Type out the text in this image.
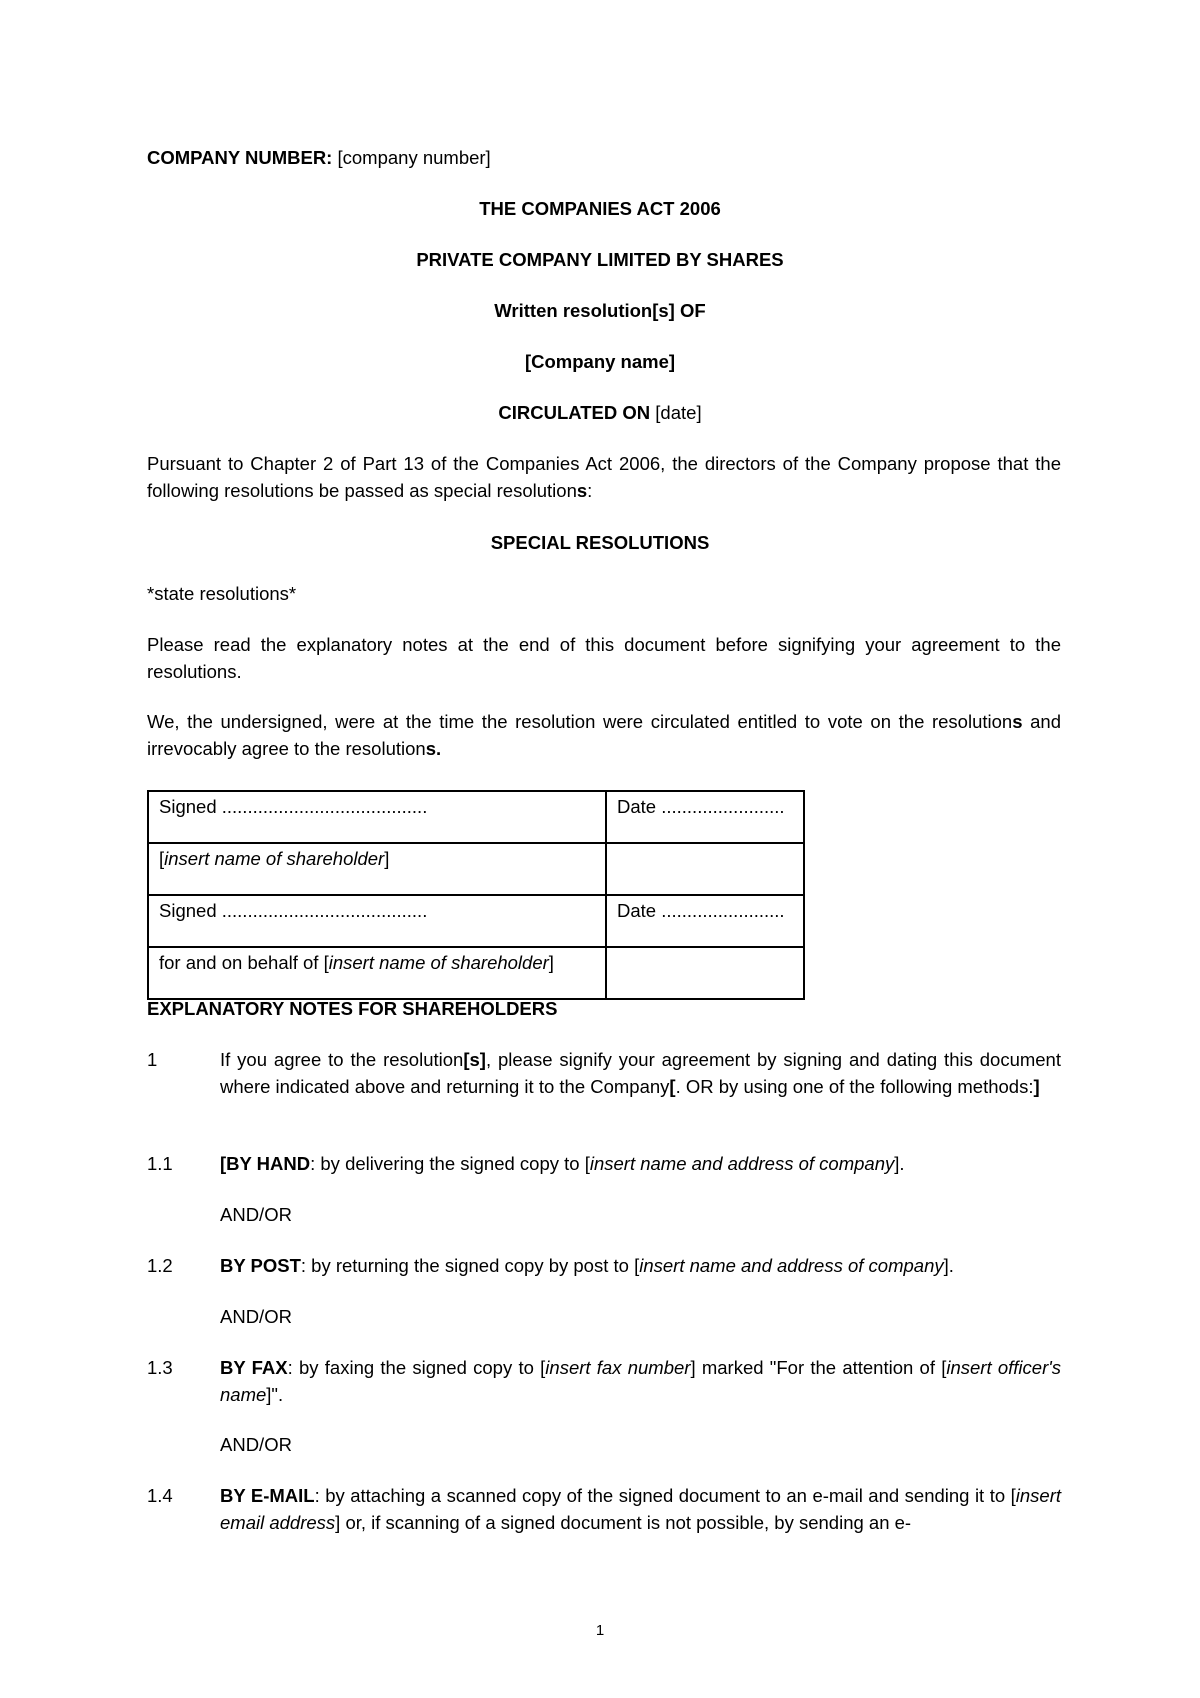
COMPANY NUMBER: [company number]
THE COMPANIES ACT 2006
PRIVATE COMPANY LIMITED BY SHARES
Written resolution[s] OF
[Company name]
CIRCULATED ON [date]
Pursuant to Chapter 2 of Part 13 of the Companies Act 2006, the directors of the Company propose that the following resolutions be passed as special resolutions:
SPECIAL RESOLUTIONS
*state resolutions*
Please read the explanatory notes at the end of this document before signifying your agreement to the resolutions.
We, the undersigned, were at the time the resolution were circulated entitled to vote on the resolutions and irrevocably agree to the resolutions.
Signed ........................................	Date ........................
[insert name of shareholder]	
Signed ........................................	Date ........................
for and on behalf of [insert name of shareholder]	
EXPLANATORY NOTES FOR SHAREHOLDERS
1	If you agree to the resolution[s], please signify your agreement by signing and dating this document where indicated above and returning it to the Company[. OR by using one of the following methods:]
1.1	[BY HAND: by delivering the signed copy to [insert name and address of company].
AND/OR
1.2	BY POST: by returning the signed copy by post to [insert name and address of company].
AND/OR
1.3	BY FAX: by faxing the signed copy to [insert fax number] marked "For the attention of [insert officer's name]".
AND/OR
1.4	BY E-MAIL: by attaching a scanned copy of the signed document to an e-mail and sending it to [insert email address] or, if scanning of a signed document is not possible, by sending an e-
1
